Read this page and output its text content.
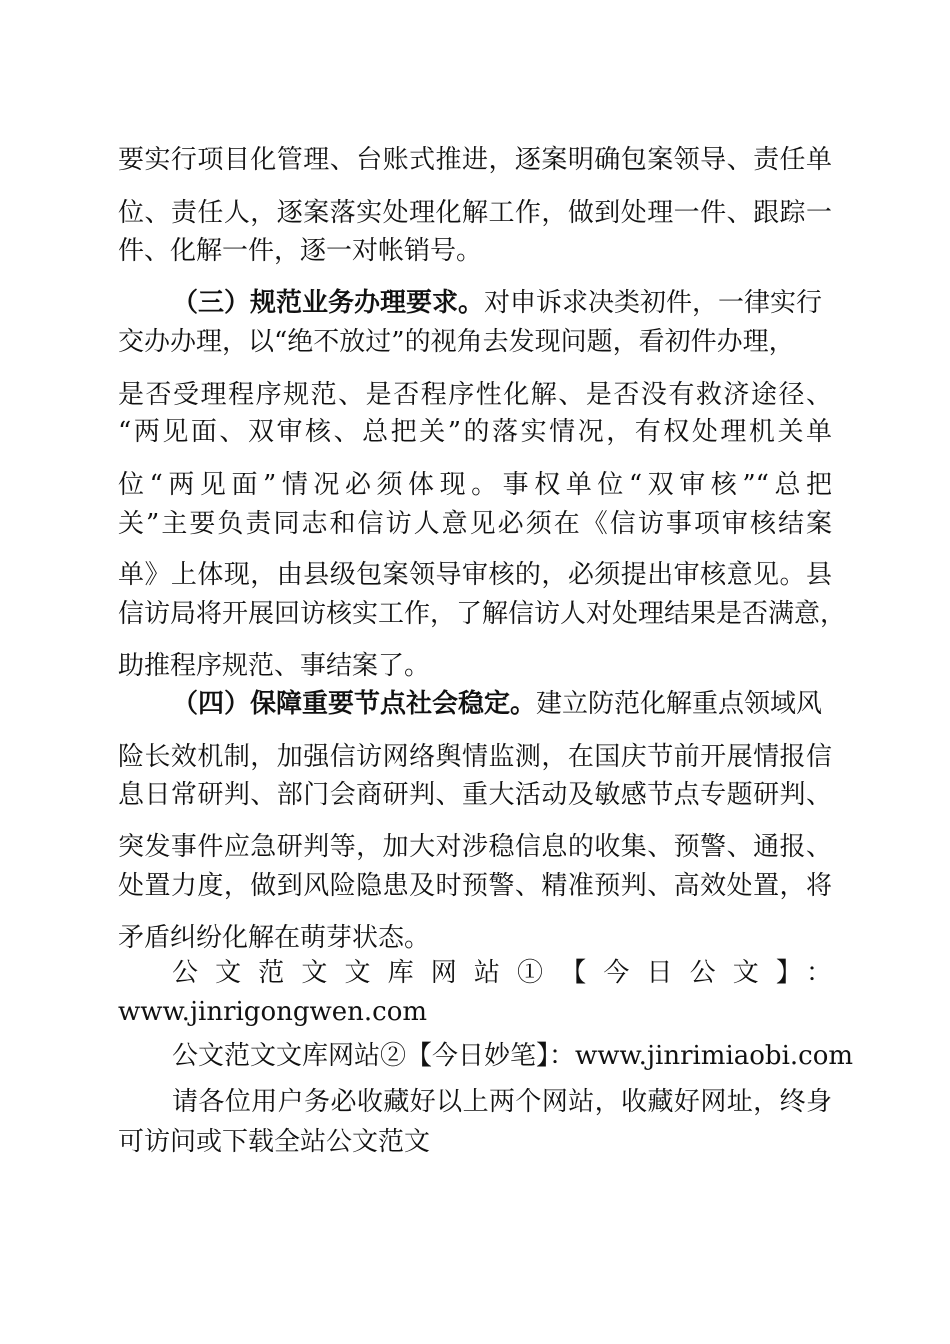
要实行项目化管理、台账式推进，逐案明确包案领导、责任单
位、责任人，逐案落实处理化解工作，做到处理一件、跟踪一
件、化解一件，逐一对帐销号。
（三）规范业务办理要求。对申诉求决类初件，一律实行
交办办理，以“绝不放过”的视角去发现问题，看初件办理，
是否受理程序规范、是否程序性化解、是否没有救济途径、
“两见面、双审核、总把关”的落实情况，有权处理机关单
位“两见面”情况必须体现。事权单位“双审核”“总把
关”主要负责同志和信访人意见必须在《信访事项审核结案
单》上体现，由县级包案领导审核的，必须提出审核意见。县
信访局将开展回访核实工作，了解信访人对处理结果是否满意，
助推程序规范、事结案了。
（四）保障重要节点社会稳定。建立防范化解重点领域风
险长效机制，加强信访网络舆情监测，在国庆节前开展情报信
息日常研判、部门会商研判、重大活动及敏感节点专题研判、
突发事件应急研判等，加大对涉稳信息的收集、预警、通报、
处置力度，做到风险隐患及时预警、精准预判、高效处置，将
矛盾纠纷化解在萌芽状态。
公文范文文库网站①【今日公文】：
www.jinrigongwen.com
公文范文文库网站②【今日妙笔】：www.jinrimiaobi.com
请各位用户务必收藏好以上两个网站，收藏好网址，终身
可访问或下载全站公文范文
